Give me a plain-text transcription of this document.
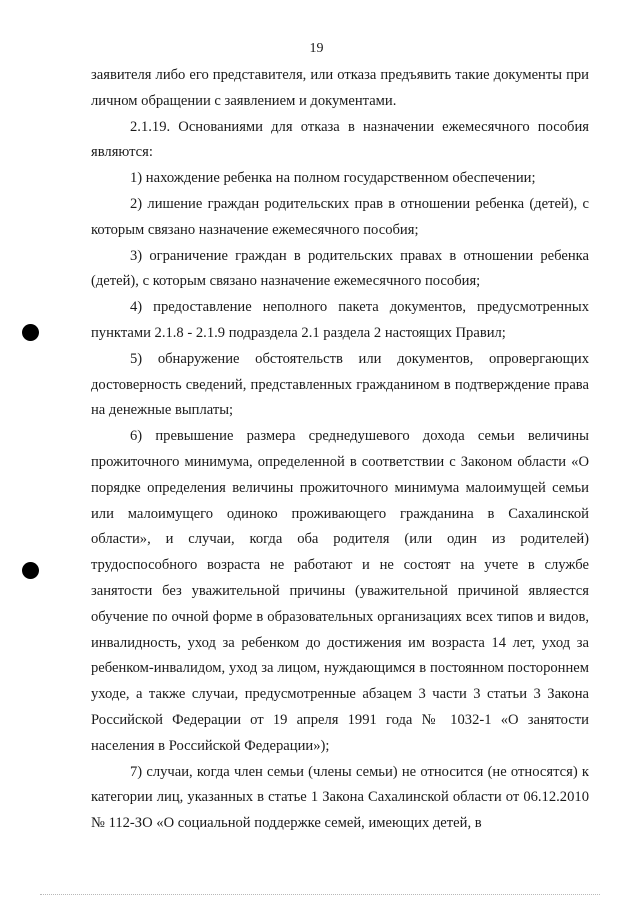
19

заявителя либо его представителя, или отказа предъявить такие документы при личном обращении с заявлением и документами.

2.1.19. Основаниями для отказа в назначении ежемесячного пособия являются:

1) нахождение ребенка на полном государственном обеспечении;

2) лишение граждан родительских прав в отношении ребенка (детей), с которым связано назначение ежемесячного пособия;

3) ограничение граждан в родительских правах в отношении ребенка (детей), с которым связано назначение ежемесячного пособия;

4) предоставление неполного пакета документов, предусмотренных пунктами 2.1.8 - 2.1.9 подраздела 2.1 раздела 2 настоящих Правил;

5) обнаружение обстоятельств или документов, опровергающих достоверность сведений, представленных гражданином в подтверждение права на денежные выплаты;

6) превышение размера среднедушевого дохода семьи величины прожиточного минимума, определенной в соответствии с Законом области «О порядке определения величины прожиточного минимума малоимущей семьи или малоимущего одиноко проживающего гражданина в Сахалинской области», и случаи, когда оба родителя (или один из родителей) трудоспособного возраста не работают и не состоят на учете в службе занятости без уважительной причины (уважительной причиной являестся обучение по очной форме в образовательных организациях всех типов и видов, инвалидность, уход за ребенком до достижения им возраста 14 лет, уход за ребенком-инвалидом, уход за лицом, нуждающимся в постоянном постороннем уходе, а также случаи, предусмотренные абзацем 3 части 3 статьи 3 Закона Российской Федерации от 19 апреля 1991 года № 1032-1 «О занятости населения в Российской Федерации»);

7) случаи, когда член семьи (члены семьи) не относится (не относятся) к категории лиц, указанных в статье 1 Закона Сахалинской области от 06.12.2010 № 112-ЗО «О социальной поддержке семей, имеющих детей, в
